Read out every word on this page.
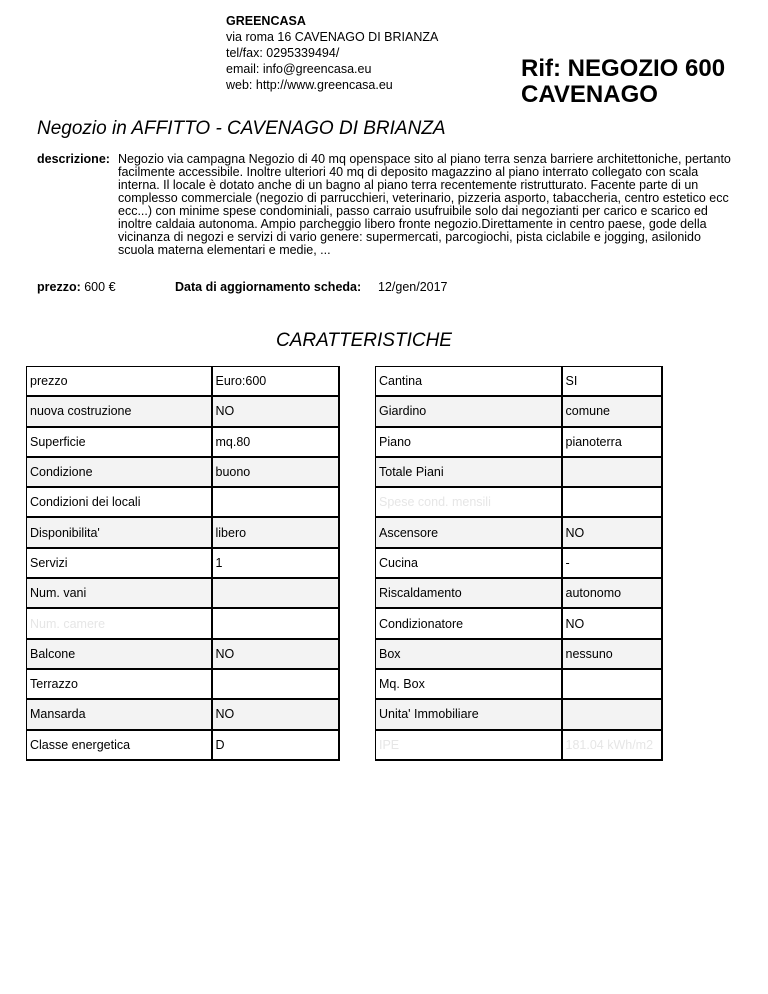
GREENCASA
via roma 16 CAVENAGO DI BRIANZA
tel/fax: 0295339494/
email: info@greencasa.eu
web: http://www.greencasa.eu
Rif: NEGOZIO 600
CAVENAGO
Negozio in AFFITTO - CAVENAGO DI BRIANZA
descrizione: Negozio via campagna Negozio di 40 mq openspace sito al piano terra senza barriere architettoniche, pertanto facilmente accessibile. Inoltre ulteriori 40 mq di deposito magazzino al piano interrato collegato con scala interna. Il locale è dotato anche di un bagno al piano terra recentemente ristrutturato. Facente parte di un complesso commerciale (negozio di parrucchieri, veterinario, pizzeria asporto, tabaccheria, centro estetico ecc ecc...) con minime spese condominiali, passo carraio usufruibile solo dai negozianti per carico e scarico ed inoltre caldaia autonoma. Ampio parcheggio libero fronte negozio.Direttamente in centro paese, gode della vicinanza di negozi e servizi di vario genere: supermercati, parcogiochi, pista ciclabile e jogging, asilonido scuola materna elementari e medie, ...
prezzo: 600 €	Data di aggiornamento scheda: 12/gen/2017
CARATTERISTICHE
prezzo	Euro:600
nuova costruzione	NO
Superficie	mq.80
Condizione	buono
Condizioni dei locali	
Disponibilita'	libero
Servizi	1
Num. vani	
Num. camere	
Balcone	NO
Terrazzo	
Mansarda	NO
Classe energetica	D
Cantina	SI
Giardino	comune
Piano	pianoterra
Totale Piani	
Spese cond. mensili	
Ascensore	NO
Cucina	-
Riscaldamento	autonomo
Condizionatore	NO
Box	nessuno
Mq. Box	
Unita' Immobiliare	
IPE	181.04 kWh/m2
